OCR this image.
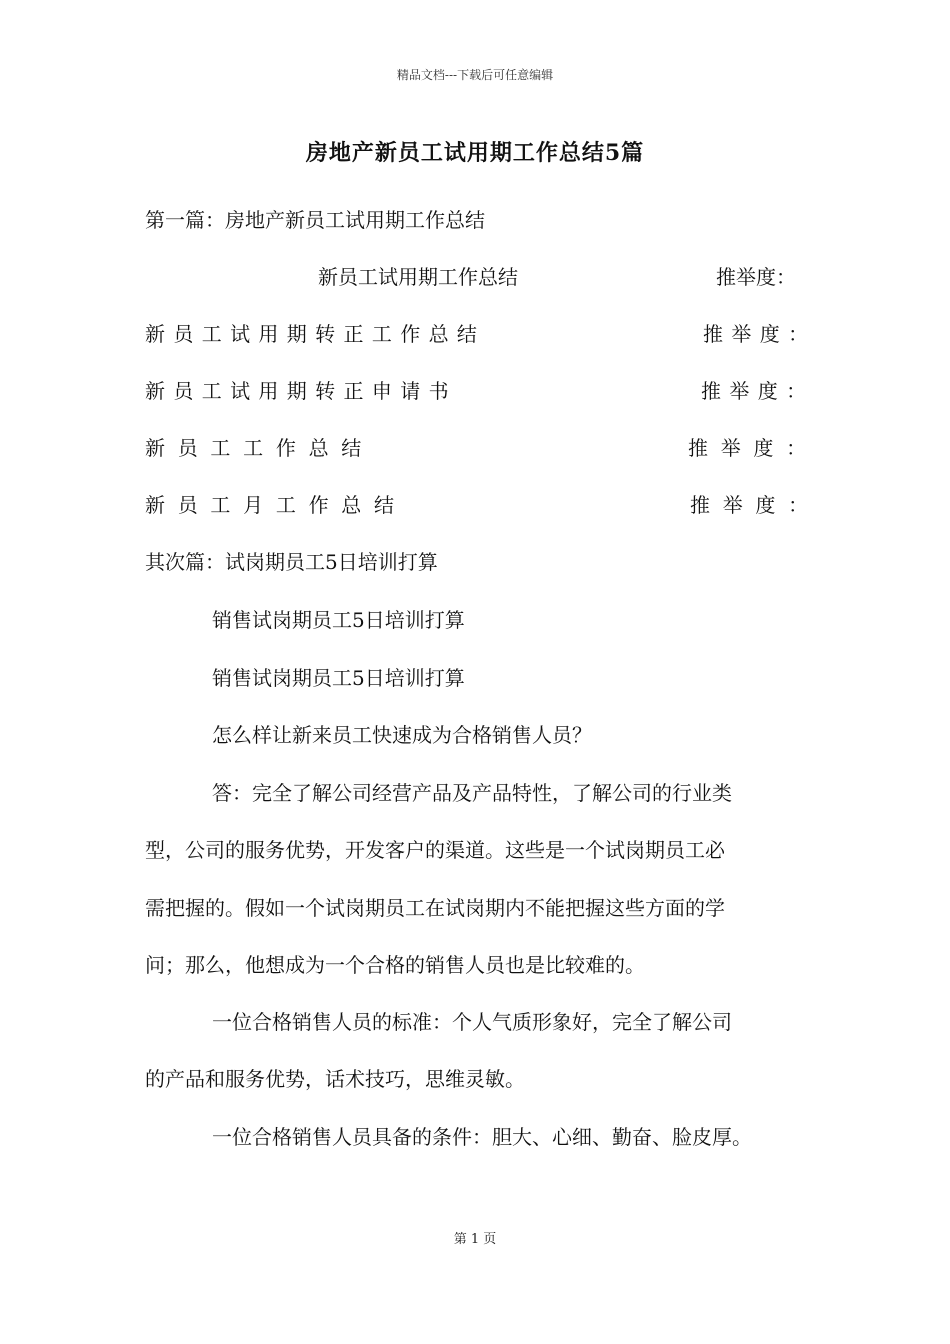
精品文档---下载后可任意编辑
房地产新员工试用期工作总结5篇
第一篇：房地产新员工试用期工作总结
新员工试用期工作总结	推举度：
新 员 工 试 用 期 转 正 工 作 总 结	推 举 度 ：
新 员 工 试 用 期 转 正 申 请 书	推 举 度 ：
新  员  工  工  作  总  结	推  举  度  ：
新  员  工  月  工  作  总  结	推  举  度  ：
其次篇：试岗期员工5日培训打算
销售试岗期员工5日培训打算
销售试岗期员工5日培训打算
怎么样让新来员工快速成为合格销售人员？
答：完全了解公司经营产品及产品特性，了解公司的行业类
型，公司的服务优势，开发客户的渠道。这些是一个试岗期员工必
需把握的。假如一个试岗期员工在试岗期内不能把握这些方面的学
问；那么，他想成为一个合格的销售人员也是比较难的。
一位合格销售人员的标准：个人气质形象好，完全了解公司
的产品和服务优势，话术技巧，思维灵敏。
一位合格销售人员具备的条件：胆大、心细、勤奋、脸皮厚。
第 1 页
